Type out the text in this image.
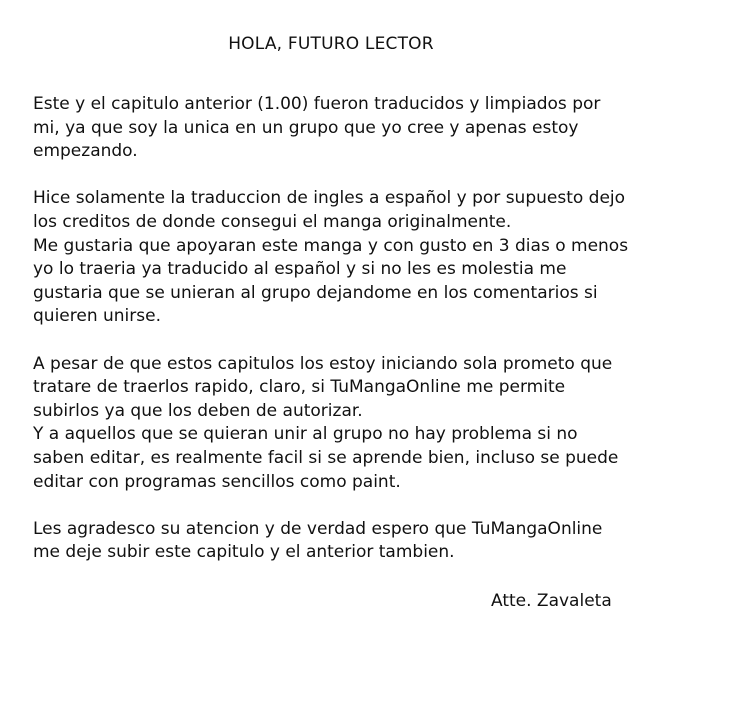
HOLA, FUTURO LECTOR

Este y el capitulo anterior (1.00) fueron traducidos y limpiados por
mi, ya que soy la unica en un grupo que yo cree y apenas estoy
empezando.

Hice solamente la traduccion de ingles a español y por supuesto dejo
los creditos de donde consegui el manga originalmente.
Me gustaria que apoyaran este manga y con gusto en 3 dias o menos
yo lo traeria ya traducido al español y si no les es molestia me
gustaria que se unieran al grupo dejandome en los comentarios si
quieren unirse.

A pesar de que estos capitulos los estoy iniciando sola prometo que
tratare de traerlos rapido, claro, si TuMangaOnline me permite
subirlos ya que los deben de autorizar.
Y a aquellos que se quieran unir al grupo no hay problema si no
saben editar, es realmente facil si se aprende bien, incluso se puede
editar con programas sencillos como paint.

Les agradesco su atencion y de verdad espero que TuMangaOnline
me deje subir este capitulo y el anterior tambien.

Atte. Zavaleta
